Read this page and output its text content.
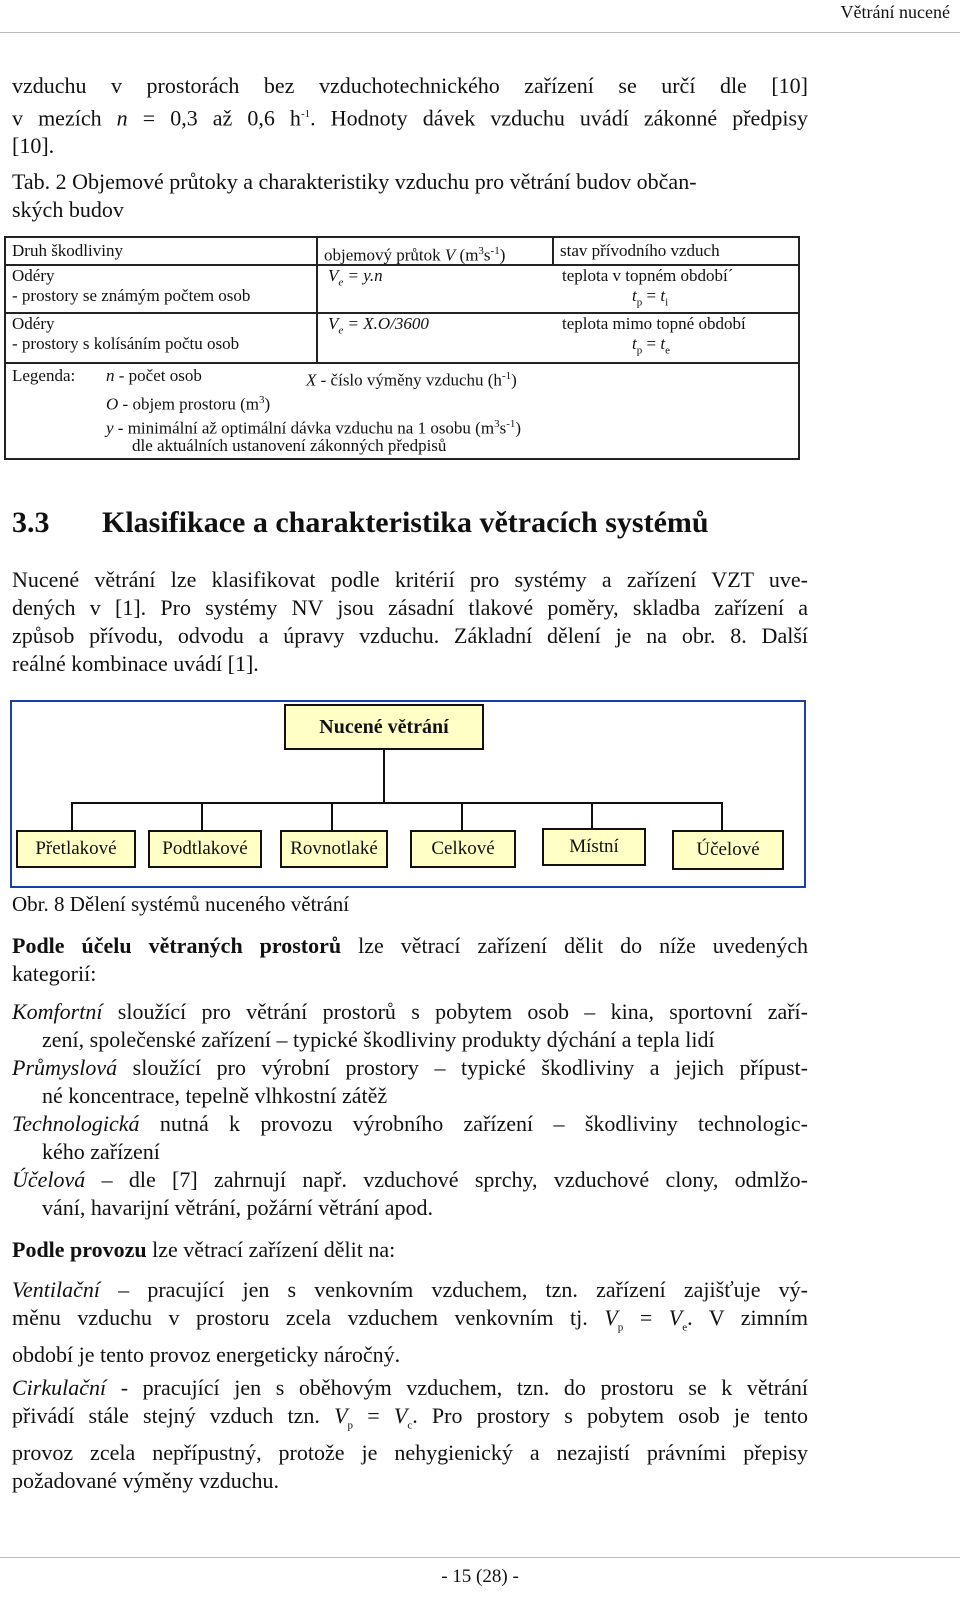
Větrání nucené
vzduchu v prostorách bez vzduchotechnického zařízení se určí dle [10]
v mezích n = 0,3 až 0,6 $h^{-1}$. Hodnoty dávek vzduchu uvádí zákonné předpisy
[10].
Tab. 2 Objemové průtoky a charakteristiky vzduchu pro větrání budov občan-
ských budov
Druh škodliviny	objemový průtok V $(m^3s^{-1})$	stav přívodního vzduch
Odéry
- prostory se známým počtem osob
$V_e = y.n$	teplota v topném období´
$t_p = t_i$
Odéry
- prostory s kolísáním počtu osob
$V_e = X.O/3600$	teplota mimo topné období
$t_p = t_e$
Legenda: n - počet osob	X - číslo výměny vzduchu $(h^{-1})$
O - objem prostoru $(m^3)$
y - minimální až optimální dávka vzduchu na 1 osobu $(m^3s^{-1})$
dle aktuálních ustanovení zákonných předpisů
3.3 Klasifikace a charakteristika větracích systémů
Nucené větrání lze klasifikovat podle kritérií pro systémy a zařízení VZT uve-
dených v [1]. Pro systémy NV jsou zásadní tlakové poměry, skladba zařízení a
způsob přívodu, odvodu a úpravy vzduchu. Základní dělení je na obr. 8. Další
reálné kombinace uvádí [1].
Nucené větrání
Přetlakové	Podtlakové	Rovnotlaké	Celkové	Místní	Účelové
Obr. 8 Dělení systémů nuceného větrání
Podle účelu větraných prostorů lze větrací zařízení dělit do níže uvedených
kategorií:
Komfortní sloužící pro větrání prostorů s pobytem osob – kina, sportovní zaří-
zení, společenské zařízení – typické škodliviny produkty dýchání a tepla lidí
Průmyslová sloužící pro výrobní prostory – typické škodliviny a jejich přípust-
né koncentrace, tepelně vlhkostní zátěž
Technologická nutná k provozu výrobního zařízení – škodliviny technologic-
kého zařízení
Účelová – dle [7] zahrnují např. vzduchové sprchy, vzduchové clony, odmlžo-
vání, havarijní větrání, požární větrání apod.
Podle provozu lze větrací zařízení dělit na:
Ventilační – pracující jen s venkovním vzduchem, tzn. zařízení zajišťuje vý-
měnu vzduchu v prostoru zcela vzduchem venkovním tj. $V_p = V_e$. V zimním
období je tento provoz energeticky náročný.
Cirkulační - pracující jen s oběhovým vzduchem, tzn. do prostoru se k větrání
přivádí stále stejný vzduch tzn. $V_p = V_c$. Pro prostory s pobytem osob je tento
provoz zcela nepřípustný, protože je nehygienický a nezajistí právními přepisy
požadované výměny vzduchu.
- 15 (28) -
